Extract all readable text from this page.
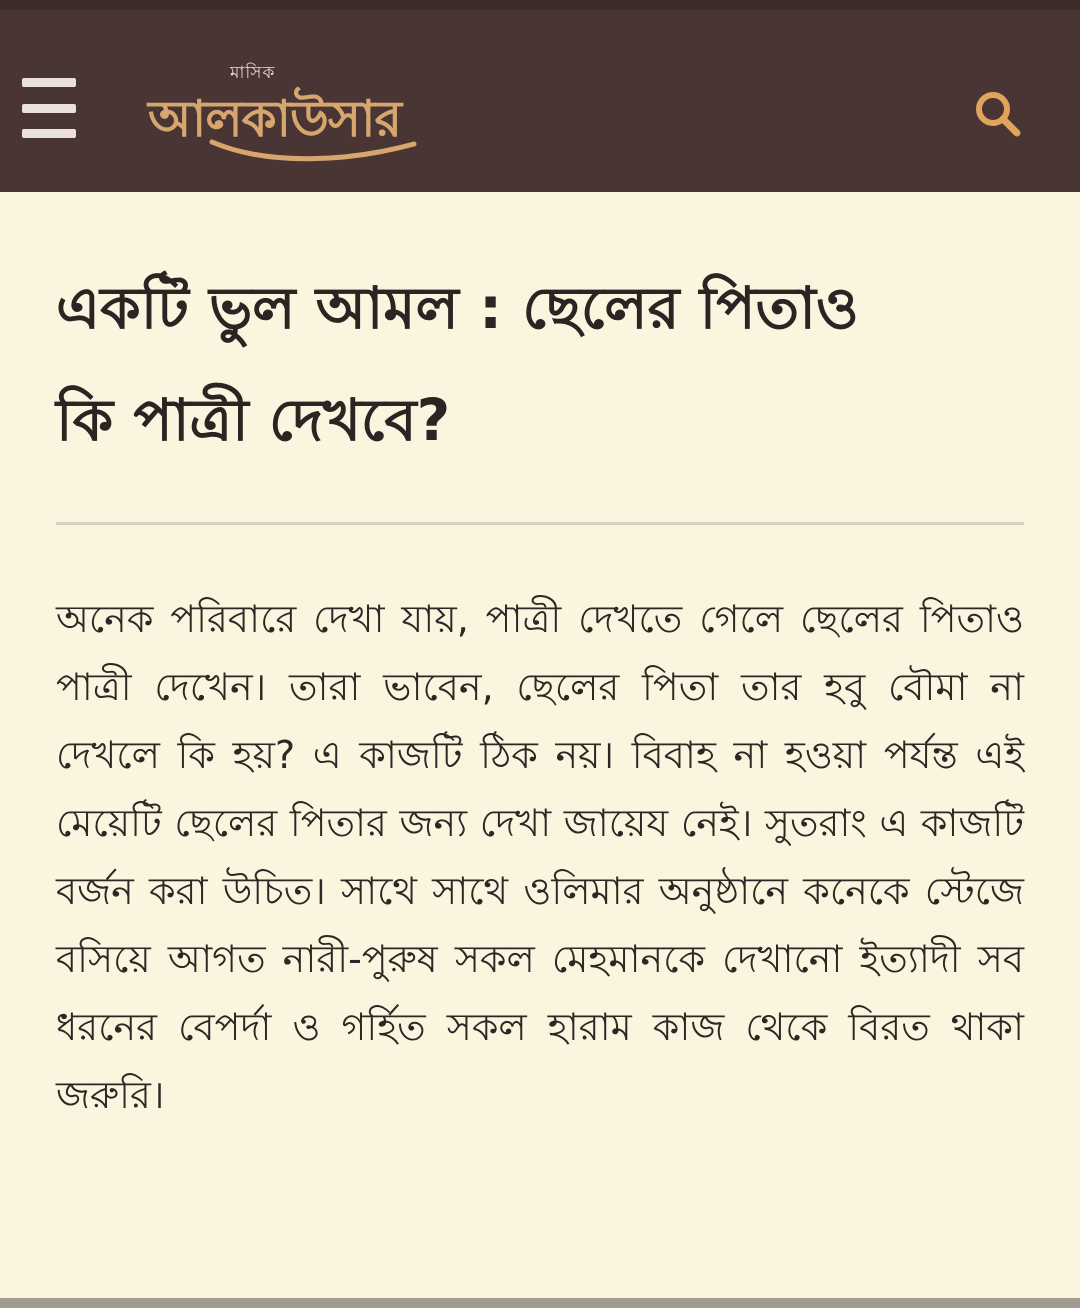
মাসিক
আলকাউসার
একটি ভুল আমল : ছেলের পিতাও কি পাত্রী দেখবে?

অনেক পরিবারে দেখা যায়, পাত্রী দেখতে গেলে ছেলের পিতাও পাত্রী দেখেন। তারা ভাবেন, ছেলের পিতা তার হবু বৌমা না দেখলে কি হয়? এ কাজটি ঠিক নয়। বিবাহ না হওয়া পর্যন্ত এই মেয়েটি ছেলের পিতার জন্য দেখা জায়েয নেই। সুতরাং এ কাজটি বর্জন করা উচিত। সাথে সাথে ওলিমার অনুষ্ঠানে কনেকে স্টেজে বসিয়ে আগত নারী-পুরুষ সকল মেহমানকে দেখানো ইত্যাদী সব ধরনের বেপর্দা ও গর্হিত সকল হারাম কাজ থেকে বিরত থাকা জরুরি।
